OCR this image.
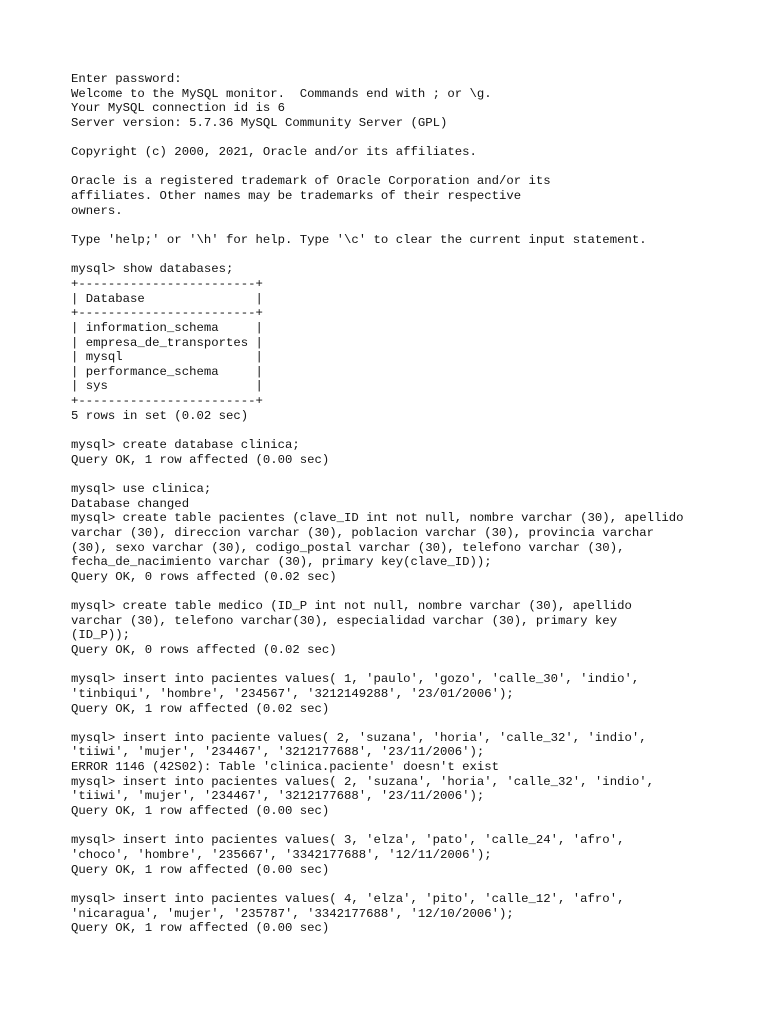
Enter password:
Welcome to the MySQL monitor.  Commands end with ; or \g.
Your MySQL connection id is 6
Server version: 5.7.36 MySQL Community Server (GPL)
Copyright (c) 2000, 2021, Oracle and/or its affiliates.
Oracle is a registered trademark of Oracle Corporation and/or its
affiliates. Other names may be trademarks of their respective
owners.
Type 'help;' or '\h' for help. Type '\c' to clear the current input statement.
mysql> show databases;
+------------------------+
| Database               |
+------------------------+
| information_schema     |
| empresa_de_transportes |
| mysql                  |
| performance_schema     |
| sys                    |
+------------------------+
5 rows in set (0.02 sec)
mysql> create database clinica;
Query OK, 1 row affected (0.00 sec)
mysql> use clinica;
Database changed
mysql> create table pacientes (clave_ID int not null, nombre varchar (30), apellido
varchar (30), direccion varchar (30), poblacion varchar (30), provincia varchar
(30), sexo varchar (30), codigo_postal varchar (30), telefono varchar (30),
fecha_de_nacimiento varchar (30), primary key(clave_ID));
Query OK, 0 rows affected (0.02 sec)
mysql> create table medico (ID_P int not null, nombre varchar (30), apellido
varchar (30), telefono varchar(30), especialidad varchar (30), primary key
(ID_P));
Query OK, 0 rows affected (0.02 sec)
mysql> insert into pacientes values( 1, 'paulo', 'gozo', 'calle_30', 'indio',
'tinbiqui', 'hombre', '234567', '3212149288', '23/01/2006');
Query OK, 1 row affected (0.02 sec)
mysql> insert into paciente values( 2, 'suzana', 'horia', 'calle_32', 'indio',
'tiiwi', 'mujer', '234467', '3212177688', '23/11/2006');
ERROR 1146 (42S02): Table 'clinica.paciente' doesn't exist
mysql> insert into pacientes values( 2, 'suzana', 'horia', 'calle_32', 'indio',
'tiiwi', 'mujer', '234467', '3212177688', '23/11/2006');
Query OK, 1 row affected (0.00 sec)
mysql> insert into pacientes values( 3, 'elza', 'pato', 'calle_24', 'afro',
'choco', 'hombre', '235667', '3342177688', '12/11/2006');
Query OK, 1 row affected (0.00 sec)
mysql> insert into pacientes values( 4, 'elza', 'pito', 'calle_12', 'afro',
'nicaragua', 'mujer', '235787', '3342177688', '12/10/2006');
Query OK, 1 row affected (0.00 sec)
